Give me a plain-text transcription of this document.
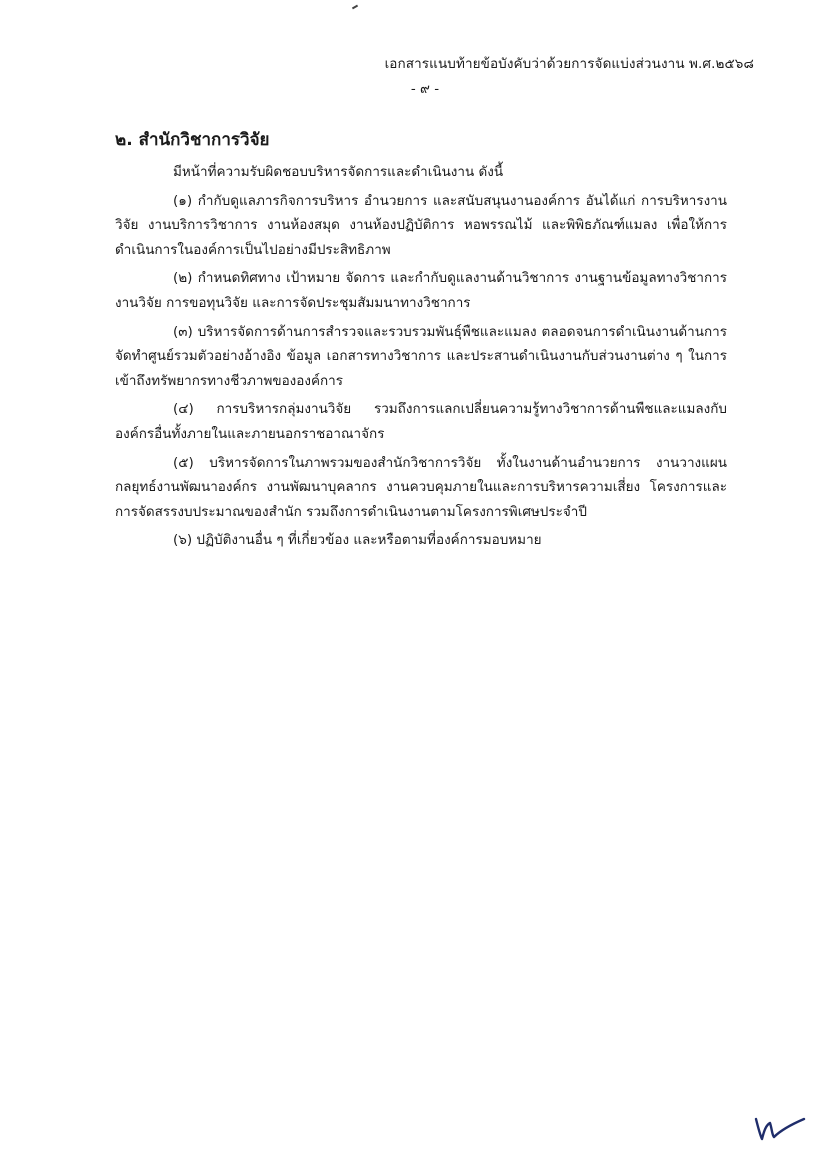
เอกสารแนบท้ายข้อบังคับว่าด้วยการจัดแบ่งส่วนงาน พ.ศ.๒๕๖๘
- ๙ -
๒. สำนักวิชาการวิจัย

มีหน้าที่ความรับผิดชอบบริหารจัดการและดำเนินงาน ดังนี้

(๑) กำกับดูแลภารกิจการบริหาร อำนวยการ และสนับสนุนงานองค์การ อันได้แก่ การบริหารงานวิจัย งานบริการวิชาการ งานห้องสมุด งานห้องปฏิบัติการ หอพรรณไม้ และพิพิธภัณฑ์แมลง เพื่อให้การดำเนินการในองค์การเป็นไปอย่างมีประสิทธิภาพ

(๒) กำหนดทิศทาง เป้าหมาย จัดการ และกำกับดูแลงานด้านวิชาการ งานฐานข้อมูลทางวิชาการงานวิจัย การขอทุนวิจัย และการจัดประชุมสัมมนาทางวิชาการ

(๓) บริหารจัดการด้านการสำรวจและรวบรวมพันธุ์พืชและแมลง ตลอดจนการดำเนินงานด้านการจัดทำศูนย์รวมตัวอย่างอ้างอิง ข้อมูล เอกสารทางวิชาการ และประสานดำเนินงานกับส่วนงานต่าง ๆ ในการเข้าถึงทรัพยากรทางชีวภาพขององค์การ

(๔) การบริหารกลุ่มงานวิจัย รวมถึงการแลกเปลี่ยนความรู้ทางวิชาการด้านพืชและแมลงกับองค์กรอื่นทั้งภายในและภายนอกราชอาณาจักร

(๕) บริหารจัดการในภาพรวมของสำนักวิชาการวิจัย ทั้งในงานด้านอำนวยการ งานวางแผนกลยุทธ์งานพัฒนาองค์กร งานพัฒนาบุคลากร งานควบคุมภายในและการบริหารความเสี่ยง โครงการและการจัดสรรงบประมาณของสำนัก รวมถึงการดำเนินงานตามโครงการพิเศษประจำปี

(๖) ปฏิบัติงานอื่น ๆ ที่เกี่ยวข้อง และหรือตามที่องค์การมอบหมาย
